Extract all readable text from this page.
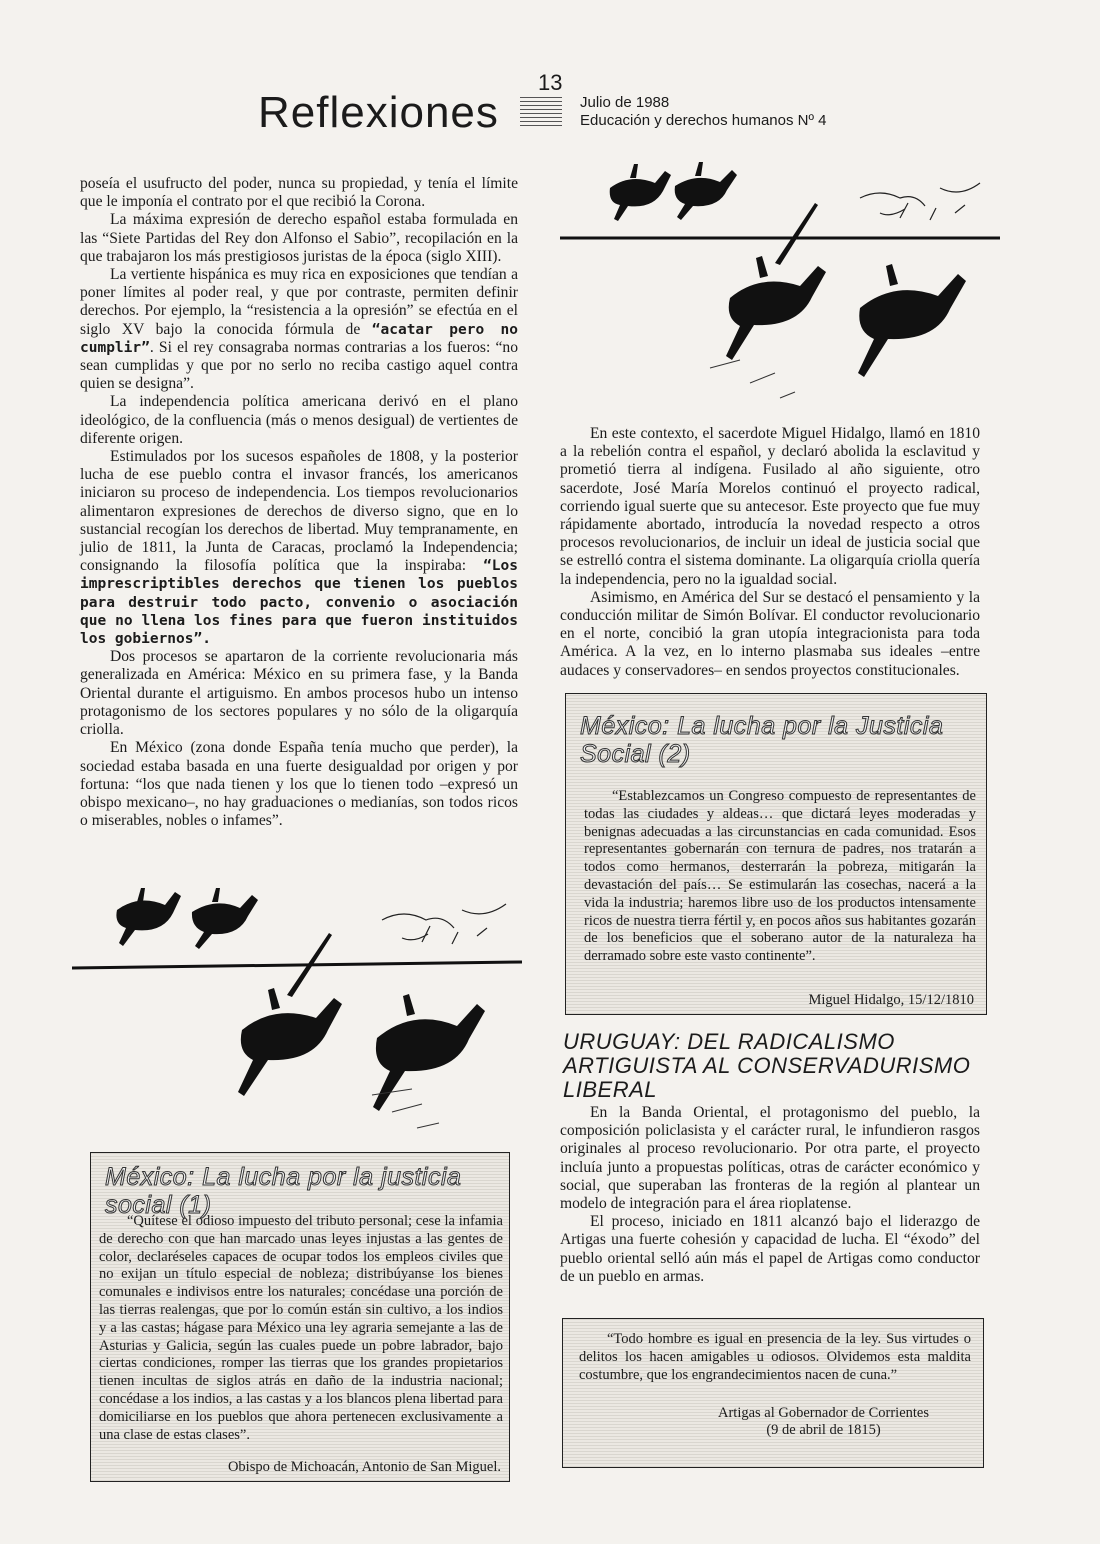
13
Reflexiones	Julio de 1988
Educación y derechos humanos Nº 4

poseía el usufructo del poder, nunca su propiedad, y tenía el límite que le imponía el contrato por el que recibió la Corona.

La máxima expresión de derecho español estaba formulada en las “Siete Partidas del Rey don Alfonso el Sabio”, recopilación en la que trabajaron los más prestigiosos juristas de la época (siglo XIII).

La vertiente hispánica es muy rica en exposiciones que tendían a poner límites al poder real, y que por contraste, permiten definir derechos. Por ejemplo, la “resistencia a la opresión” se efectúa en el siglo XV bajo la conocida fórmula de “acatar pero no cumplir”. Si el rey consagraba normas contrarias a los fueros: “no sean cumplidas y que por no serlo no reciba castigo aquel contra quien se designa”.

La independencia política americana derivó en el plano ideológico, de la confluencia (más o menos desigual) de vertientes de diferente origen.

Estimulados por los sucesos españoles de 1808, y la posterior lucha de ese pueblo contra el invasor francés, los americanos iniciaron su proceso de independencia. Los tiempos revolucionarios alimentaron expresiones de derechos de diverso signo, que en lo sustancial recogían los derechos de libertad. Muy tempranamente, en julio de 1811, la Junta de Caracas, proclamó la Independencia; consignando la filosofía política que la inspiraba: “Los imprescriptibles derechos que tienen los pueblos para destruir todo pacto, convenio o asociación que no llena los fines para que fueron instituidos los gobiernos”.

Dos procesos se apartaron de la corriente revolucionaria más generalizada en América: México en su primera fase, y la Banda Oriental durante el artiguismo. En ambos procesos hubo un intenso protagonismo de los sectores populares y no sólo de la oligarquía criolla.

En México (zona donde España tenía mucho que perder), la sociedad estaba basada en una fuerte desigualdad por origen y por fortuna: “los que nada tienen y los que lo tienen todo –expresó un obispo mexicano–, no hay graduaciones o medianías, son todos ricos o miserables, nobles o infames”.

En este contexto, el sacerdote Miguel Hidalgo, llamó en 1810 a la rebelión contra el español, y declaró abolida la esclavitud y prometió tierra al indígena. Fusilado al año siguiente, otro sacerdote, José María Morelos continuó el proyecto radical, corriendo igual suerte que su antecesor. Este proyecto que fue muy rápidamente abortado, introducía la novedad respecto a otros procesos revolucionarios, de incluir un ideal de justicia social que se estrelló contra el sistema dominante. La oligarquía criolla quería la independencia, pero no la igualdad social.

Asimismo, en América del Sur se destacó el pensamiento y la conducción militar de Simón Bolívar. El conductor revolucionario en el norte, concibió la gran utopía integracionista para toda América. A la vez, en lo interno plasmaba sus ideales –entre audaces y conservadores– en sendos proyectos constitucionales.

México: La lucha por la Justicia Social (2)

“Establezcamos un Congreso compuesto de representantes de todas las ciudades y aldeas… que dictará leyes moderadas y benignas adecuadas a las circunstancias en cada comunidad. Esos representantes gobernarán con ternura de padres, nos tratarán a todos como hermanos, desterrarán la pobreza, mitigarán la devastación del país… Se estimularán las cosechas, nacerá a la vida la industria; haremos libre uso de los productos intensamente ricos de nuestra tierra fértil y, en pocos años sus habitantes gozarán de los beneficios que el soberano autor de la naturaleza ha derramado sobre este vasto continente”.

Miguel Hidalgo, 15/12/1810
URUGUAY: DEL RADICALISMO ARTIGUISTA AL CONSERVADURISMO LIBERAL

En la Banda Oriental, el protagonismo del pueblo, la composición policlasista y el carácter rural, le infundieron rasgos originales al proceso revolucionario. Por otra parte, el proyecto incluía junto a propuestas políticas, otras de carácter económico y social, que superaban las fronteras de la región al plantear un modelo de integración para el área rioplatense.

El proceso, iniciado en 1811 alcanzó bajo el liderazgo de Artigas una fuerte cohesión y capacidad de lucha. El “éxodo” del pueblo oriental selló aún más el papel de Artigas como conductor de un pueblo en armas.

México: La lucha por la justicia social (1)

“Quítese el odioso impuesto del tributo personal; cese la infamia de derecho con que han marcado unas leyes injustas a las gentes de color, declaréseles capaces de ocupar todos los empleos civiles que no exijan un título especial de nobleza; distribúyanse los bienes comunales e indivisos entre los naturales; concédase una porción de las tierras realengas, que por lo común están sin cultivo, a los indios y a las castas; hágase para México una ley agraria semejante a las de Asturias y Galicia, según las cuales puede un pobre labrador, bajo ciertas condiciones, romper las tierras que los grandes propietarios tienen incultas de siglos atrás en daño de la industria nacional; concédase a los indios, a las castas y a los blancos plena libertad para domiciliarse en los pueblos que ahora pertenecen exclusivamente a una clase de estas clases”.

Obispo de Michoacán, Antonio de San Miguel.

“Todo hombre es igual en presencia de la ley. Sus virtudes o delitos los hacen amigables u odiosos. Olvidemos esta maldita costumbre, que los engrandecimientos nacen de cuna.”

Artigas al Gobernador de Corrientes
(9 de abril de 1815)
